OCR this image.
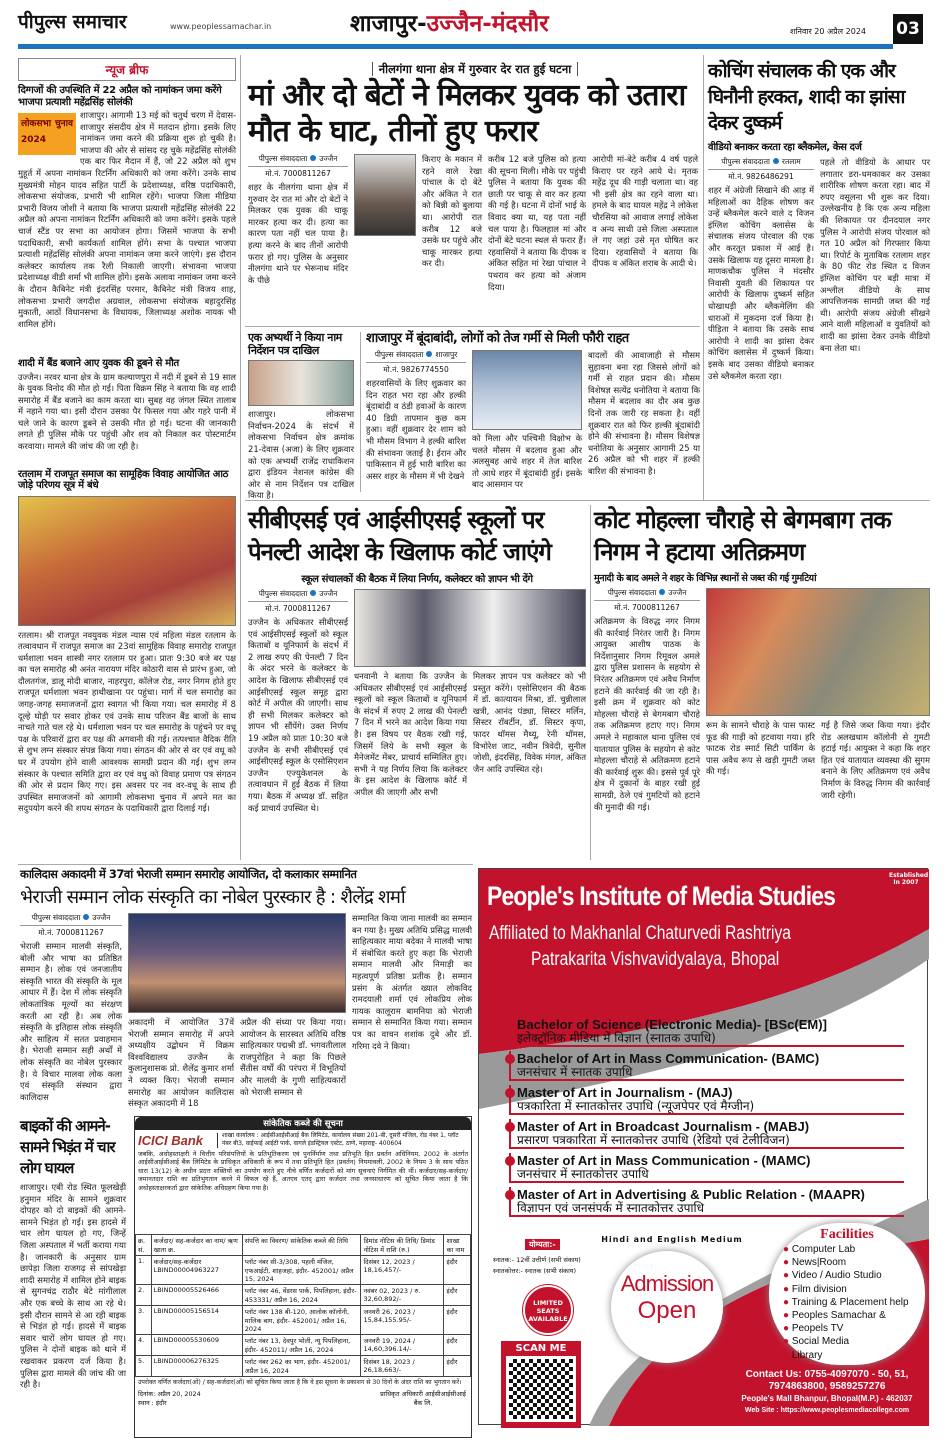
पीपुल्स समाचार	www.peoplessamachar.in	शाजापुर-उज्जैन-मंदसौर	शनिवार 20 अप्रैल 2024 03
न्यूज ब्रीफ
दिग्गजों की उपस्थिति में 22 अप्रैल को नामांकन जमा करेंगे भाजपा प्रत्याशी महेंद्रसिंह सोलंकी
लोकसभा चुनाव 2024
शाजापुर। आगामी 13 मई को चतुर्थ चरण में देवास-शाजापुर संसदीय क्षेत्र में मतदान होगा। इसके लिए नामांकन जमा करने की प्रक्रिया शुरू हो चुकी है। भाजपा की ओर से सांसद रह चुके महेंद्रसिंह सोलंकी एक बार फिर मैदान में हैं, जो 22 अप्रैल को शुभ मुहूर्त में अपना नामांकन रिटर्निंग अधिकारी को जमा करेंगे। उनके साथ मुख्यमंत्री मोहन यादव सहित पार्टी के प्रदेशाध्यक्ष, वरिष्ठ पदाधिकारी, लोकसभा संयोजक, प्रभारी भी शामिल रहेंगे। भाजपा जिला मीडिया प्रभारी विजय जोशी ने बताया कि भाजपा प्रत्याशी महेंद्रसिंह सोलंकी 22 अप्रैल को अपना नामांकन रिटर्निंग अधिकारी को जमा करेंगे। इसके पहले चार्ज स्टैंड पर सभा का आयोजन होगा। जिसमें भाजपा के सभी पदाधिकारी, सभी कार्यकर्ता शामिल होंगे। सभा के पश्चात भाजपा प्रत्याशी महेंद्रसिंह सोलंकी अपना नामांकन जमा करने जाएंगे। इस दौरान कलेक्टर कार्यालय तक रैली निकाली जाएगी। संभावना भाजपा प्रदेशाध्यक्ष वीडी शर्मा भी शामिल होंगे। इसके अलावा नामांकन जमा करने के दौरान कैबिनेट मंत्री इंदरसिंह परमार, कैबिनेट मंत्री विजय शाह, लोकसभा प्रभारी जगदीश अग्रवाल, लोकसभा संयोजक बहादुरसिंह मुकाती, आठों विधानसभा के विधायक, जिलाध्यक्ष अशोक नायक भी शामिल होंगे।
शादी में बैंड बजाने आए युवक की डूबने से मौत
उज्जैन। नरवर थाना क्षेत्र के ग्राम कल्याणपुरा में नदी में डूबने से 19 साल के युवक विनोद की मौत हो गई। पिता विक्रम सिंह ने बताया कि वह शादी समारोह में बैंड बजाने का काम करता था। सुबह वह जंगल स्थित तालाब में नहाने गया था। इसी दौरान उसका पैर फिसल गया और गहरे पानी में चले जाने के कारण डूबने से उसकी मौत हो गई। घटना की जानकारी लगते ही पुलिस मौके पर पहुंची और शव को निकाल कर पोस्टमार्टम करवाया। मामले की जांच की जा रही है।
रतलाम में राजपूत समाज का सामूहिक विवाह आयोजित आठ जोड़े परिणय सूत्र में बंधे
रतलाम। श्री राजपूत नवयुवक मंडल न्यास एवं महिला मंडल रतलाम के तत्वावधान में राजपूत समाज का 23वां सामूहिक विवाह समारोह राजपूत धर्मशाला भवन शास्त्री नगर रतलाम पर हुआ। प्रातः 9:30 बजे बर पक्ष का चल समारोह श्री अनंत नारायण मंदिर कोठारी वास से प्रारंभ हुआ, जो दौलतगंज, डालू मोदी बाजार, नाहरपुरा, कॉलेज रोड, नगर निगम होते हुए राजपूत धर्मशाला भवन हाथीखाना पर पहुंचा। मार्ग में चल समारोह का जगह-जगह समाजजनों द्वारा स्वागत भी किया गया। चल समारोह में 8 दूल्हे घोड़ी पर सवार होकर एवं उनके साथ परिजन बैंड बाजों के साथ नाचते गाते चल रहे थे। धर्मशाला भवन पर चल समारोह के पहुंचने पर वधू पक्ष के परिवारों द्वारा वर पक्ष की अगवानी की गई। तत्पश्चात वैदिक रीति से शुभ लग्न संस्कार संपन्न किया गया। संगठन की ओर से वर एवं वधू को घर में उपयोग होने वाली आवश्यक सामग्री प्रदान की गई। शुभ लग्न संस्कार के पश्चात समिति द्वारा वर एवं वधु को विवाह प्रमाण पत्र संगठन की ओर से प्रदान किए गए। इस अवसर पर नव वर-वधू के साथ ही उपस्थित समाजजनों को आगामी लोकसभा चुनाव में अपने मत का सदुपयोग करने की शपथ संगठन के पदाधिकारी द्वारा दिलाई गई।
नीलगंगा थाना क्षेत्र में गुरुवार देर रात हुई घटना
मां और दो बेटों ने मिलकर युवक को उतारा मौत के घाट, तीनों हुए फरार
पीपुल्स संवाददाता उज्जैन
मो.नं. 7000811267
शहर के नीलगंगा थाना क्षेत्र में गुरुवार देर रात मां और दो बेटों ने मिलकर एक युवक की चाकू मारकर हत्या कर दी। हत्या का कारण पता नहीं चल पाया है। हत्या करने के बाद तीनों आरोपी फरार हो गए। पुलिस के अनुसार नीलगंगा थाने पर भेरूनाथ मंदिर के पीछे
किराए के मकान में रहने वाले रेखा पांचाल के दो बेटे और अंकित ने रात को बिन्नी को बुलाया था। आरोपी रात करीब 12 बजे उसके घर पहुंचे और चाकू मारकर हत्या कर दी।
करीब 12 बजे पुलिस को हत्या की सूचना मिली। मौके पर पहुंची पुलिस ने बताया कि युवक की छाती पर चाकू से वार कर हत्या की गई है। घटना में दोनों भाई के विवाद क्या था, यह पता नहीं चल पाया है। फिलहाल मां और दोनों बेटे घटना स्थल से फरार हैं। रहवासियों ने बताया कि दीपक व अंकित सहित मां रेखा पांचाल ने पथराव कर हत्या को अंजाम दिया।
आरोपी मां-बेटे करीब 4 वर्ष पहले किराए पर रहने आये थे। मृतक महेंद्र दूध की गाड़ी चलाता था। वह भी इसी क्षेत्र का रहने वाला था। हमले के बाद घायल महेंद्र ने लोकेश चौरसिया को आवाज लगाई लोकेश व अन्य साथी उसे जिला अस्पताल ले गए जहां उसे मृत घोषित कर दिया। रहवासियों ने बताया कि दीपक व अंकित शराब के आदी थे।
कोचिंग संचालक की एक और घिनौनी हरकत, शादी का झांसा देकर दुष्कर्म
वीडियो बनाकर करता रहा ब्लैकमेल, केस दर्ज
पीपुल्स संवाददाता रतलाम
मो.नं. 9826486291
शहर में अंग्रेजी सिखाने की आड़ में महिलाओं का दैहिक शोषण कर उन्हें ब्लैकमेल करने वाले द विजन इंग्लिश कोचिंग क्लासेस के संचालक संजय पोरवाल की एक और करतूत प्रकाश में आई है। उसके खिलाफ यह दूसरा मामला है। माणकचौक पुलिस ने मंदसौर निवासी युवती की शिकायत पर आरोपी के खिलाफ दुष्कर्म सहित धोखाधड़ी और ब्लैकमेलिंग की धाराओं में मुकदमा दर्ज किया है। पीड़िता ने बताया कि उसके साथ आरोपी ने शादी का झांसा देकर कोचिंग क्लासेस में दुष्कर्म किया। इसके बाद उसका वीडियो बनाकर उसे ब्लैकमेल करता रहा।
पहले तो वीडियो के आधार पर लगातार डरा-धमकाकर कर उसका शारीरिक शोषण करता रहा। बाद में रुपए वसूलना भी शुरू कर दिया। उल्लेखनीय है कि एक अन्य महिला की शिकायत पर दीनदयाल नगर पुलिस ने आरोपी संजय पोरवाल को गत 10 अप्रैल को गिरफ्तार किया था। रिपोर्ट के मुताबिक रतलाम शहर के 80 फीट रोड स्थित द विजन इंग्लिश कोचिंग पर बड़ी मात्रा में अश्लील वीडियो के साथ आपत्तिजनक सामग्री जब्त की गई थी। आरोपी संजय अंग्रेजी सीखने आने वाली महिलाओं व युवतियों को शादी का झांसा देकर उनके वीडियो बना लेता था।
एक अभ्यर्थी ने किया नाम निर्देशन पत्र दाखिल
शाजापुर। लोकसभा निर्वाचन-2024 के संदर्भ में लोकसभा निर्वाचन क्षेत्र क्रमांक 21-देवास (अजा) के लिए शुक्रवार को एक अभ्यर्थी राजेंद्र राधाकिशन द्वारा इंडियन नेशनल कांग्रेस की ओर से नाम निर्देशन पत्र दाखिल किया है।
शाजापुर में बूंदाबांदी, लोगों को तेज गर्मी से मिली फौरी राहत
पीपुल्स संवाददाता शाजापुर
मो.नं. 9826774550
शहरवासियों के लिए शुक्रवार का दिन राहत भरा रहा और हल्की बूंदाबांदी व ठंडी हवाओं के कारण 40 डिग्री तापमान कुछ कम हुआ। वहीं शुक्रवार देर शाम को भी मौसम विभाग ने हल्की बारिश की संभावना जताई है। ईरान और पाकिस्तान में हुई भारी बारिश का असर शहर के मौसम में भी देखने
को मिला और पश्चिमी विक्षोभ के चलते मौसम में बदलाव हुआ और अलसुबह आधे शहर में तेज बारिश तो आधे शहर में बूंदाबांदी हुई। इसके बाद आसमान पर
बादलों की आवाजाही से मौसम सुहावना बना रहा जिससे लोगों को गर्मी से राहत प्रदान की। मौसम विशेषज्ञ सत्येंद्र धनोतिया ने बताया कि मौसम में बदलाव का दौर अब कुछ दिनों तक जारी रह सकता है। वहीं शुक्रवार रात को फिर हल्की बूंदाबांदी होने की संभावना है। मौसम विशेषज्ञ धनोतिया के अनुसार आगामी 25 या 26 अप्रैल को भी शहर में हल्की बारिश की संभावना है।
सीबीएसई एवं आईसीएसई स्कूलों पर पेनल्टी आदेश के खिलाफ कोर्ट जाएंगे
स्कूल संचालकों की बैठक में लिया निर्णय, कलेक्टर को ज्ञापन भी देंगे
पीपुल्स संवाददाता उज्जैन
मो.नं. 7000811267
उज्जैन के अधिकतर सीबीएसई एवं आईसीएसई स्कूलों को स्कूल किताबों व यूनिफार्म के संदर्भ में 2 लाख रुपए की पेनल्टी 7 दिन के अंदर भरने के कलेक्टर के आदेश के खिलाफ सीबीएसई एवं आईसीएसई स्कूल समूह द्वारा कोर्ट में अपील की जाएगी। साथ ही सभी मिलकर कलेक्टर को ज्ञापन भी सौंपेंगे। उक्त निर्णय 19 अप्रैल को प्रातः 10:30 बजे उज्जैन के सभी सीबीएसई एवं आईसीएसई स्कूल के एसोसिएशन उज्जैन एज्युकेशनल के तत्वावधान में हुई बैठक में लिया गया। बैठक में अध्यक्ष डॉ. सहित कई प्राचार्य उपस्थित थे।
धनवानी ने बताया कि उज्जैन के अधिकतर सीबीएसई एवं आईसीएसई स्कूलों को स्कूल किताबों व यूनिफार्म के संदर्भ में रुपए 2 लाख की पेनल्टी 7 दिन में भरने का आदेश किया गया है। इस विषय पर बैठक रखी गई, जिसमें लिये के सभी स्कूल के मैनेजमेंट मेंबर, प्राचार्य सम्मिलित हुए। सभी ने यह निर्णय लिया कि कलेक्टर के इस आदेश के खिलाफ कोर्ट में अपील की जाएगी और सभी
मिलकर ज्ञापन पत्र कलेक्टर को भी प्रस्तुत करेंगे। एसोसिएशन की बैठक में डॉ. कात्यायन मिश्रा, डॉ. चुन्नीलाल खत्री, आनंद पंड्या, सिस्टर मर्लिन, सिस्टर रॉबर्टीन, डॉ. सिस्टर कृपा, फादर थॉमस मैथ्यू, रेनी थॉमस, विभोरेश जाट, नवीन त्रिवेदी, सुनील जोशी, इंदरसिंह, विवेक मंगल, अंकित जैन आदि उपस्थित रहे।
कोट मोहल्ला चौराहे से बेगमबाग तक निगम ने हटाया अतिक्रमण
मुनादी के बाद अमले ने शहर के विभिन्न स्थानों से जब्त की गई गुमटियां
पीपुल्स संवाददाता उज्जैन
मो.नं. 7000811267
अतिक्रमण के विरुद्ध नगर निगम की कार्रवाई निरंतर जारी है। निगम आयुक्त आशीष पाठक के निर्देशानुसार निगम रिमूवल अमले द्वारा पुलिस प्रशासन के सहयोग से निरंतर अतिक्रमण एवं अवैध निर्माण हटाने की कार्रवाई की जा रही है। इसी क्रम में शुक्रवार को कोट मोहल्ला चौराहे से बेगमबाग चौराहे तक अतिक्रमण हटाए गए। निगम अमले ने महाकाल थाना पुलिस एवं यातायात पुलिस के सहयोग से कोट मोहल्ला चौराहे से अतिक्रमण हटाने की कार्रवाई शुरू की। इससे पूर्व पूरे क्षेत्र में दुकानों के बाहर रखी हुई सामग्री, ठेले एवं गुमटियों को हटाने की मुनादी की गई।
रूम के सामने चौराहे के पास फास्ट फूड की गाड़ी को हटवाया गया। हरि फाटक रोड स्मार्ट सिटी पार्किंग के पास अवैध रूप से खड़ी गुमटी जब्त की गई।
गई है जिसे जब्त किया गया। इंदौर रोड अलखधाम कॉलोनी से गुमटी हटाई गई। आयुक्त ने कहा कि शहर हित एवं यातायात व्यवस्था की सुगम बनाने के लिए अतिक्रमण एवं अवैध निर्माण के विरुद्ध निगम की कार्रवाई जारी रहेगी।
कालिदास अकादमी में 37वां भेराजी सम्मान समारोह आयोजित, दो कलाकार सम्मानित
भेराजी सम्मान लोक संस्कृति का नोबेल पुरस्कार है : शैलेंद्र शर्मा
पीपुल्स संवाददाता उज्जैन
मो.नं. 7000811267
भेराजी सम्मान मालवी संस्कृति, बोली और भाषा का प्रतिष्ठित सम्मान है। लोक एवं जनजातीय संस्कृति भारत की संस्कृति के मूल आधार में हैं। देश में लोक संस्कृति लोकतांत्रिक मूल्यों का संरक्षण करती आ रही है। अब लोक संस्कृति के इतिहास लोक संस्कृति और साहित्य में सतत प्रवाहमान है। भेराजी सम्मान सही अर्थों में लोक संस्कृति का नोबेल पुरस्कार है। ये विचार मालवा लोक कला एवं संस्कृति संस्थान द्वारा कालिदास
अकादमी में आयोजित 37वें भेराजी सम्मान समारोह में अपने अध्यक्षीय उद्बोधन में विक्रम विश्वविद्यालय उज्जैन के कुलानुशासक प्रो. शैलेंद्र कुमार शर्मा ने व्यक्त किए। भेराजी सम्मान समारोह का आयोजन कालिदास संस्कृत अकादमी में 18
अप्रैल की संध्या पर किया गया। आयोजन के सारस्वत अतिथि वरिष्ठ साहित्यकार पद्मश्री डॉ. भगवतीलाल राजपुरोहित ने कहा कि पिछले सैंतीस वर्षों की परंपरा में विभूतियों और मालवी के गुणी साहित्यकारों को भेराजी सम्मान से
सम्मानित किया जाना मालवी का सम्मान बन गया है। मुख्य अतिथि प्रसिद्ध मालवी साहित्यकार माया बदेका ने मालवी भाषा में संबोधित करते हुए कहा कि भेराजी सम्मान मालवी और निमाड़ी का महत्वपूर्ण प्रतिष्ठा प्रतीक है। सम्मान प्रसंग के अंतर्गत ख्यात लोकविद रामदयाली शर्मा एवं लोकप्रिय लोक गायक कालूराम बामनिया को भेराजी सम्मान से सम्मानित किया गया। सम्मान पत्र का वाचन शशांक दुबे और डॉ. गरिमा दवे ने किया।
बाइकों की आमने-सामने भिड़ंत में चार लोग घायल
शाजापुर। एबी रोड स्थित फूलखेड़ी हनुमान मंदिर के सामने शुक्रवार दोपहर को दो बाइकों की आमने-सामने भिड़ंत हो गई। इस हादसे में चार लोग घायल हो गए, जिन्हें जिला अस्पताल में भर्ती कराया गया है। जानकारी के अनुसार ग्राम छापेड़ा जिला राजगढ़ से सांपखेड़ा शादी समारोह में शामिल होने बाइक से सुगनचंद्र राठौर बेटे मांगीलाल और एक बच्चे के साथ आ रहे थे। इसी दौरान सामने से आ रही बाइक से भिड़ंत हो गई। हादसे में बाइक सवार चारों लोग घायल हो गए। पुलिस ने दोनों बाइक को थाने में रखवाकर प्रकरण दर्ज किया है। पुलिस द्वारा मामले की जांच की जा रही है।
सांकेतिक कब्जे की सूचना
ICICI Bank	शाखा कार्यालय : आईसीआईसीआई बैंक लिमिटेड, कार्यालय संख्या 201-बी, दूसरी मंजिल, रोड नंबर 1, प्लॉट नंबर बी3, वाईफाई आईटी पार्क, वागले इंडस्ट्रियल एस्टेट, ठाणे, महाराष्ट्र- 400604
जबकि, अधोहस्ताक्षरी ने वित्तीय परिसंपत्तियों के प्रतिभूतिकरण एवं पुनर्निर्माण तथा प्रतिभूति हित प्रवर्तन अधिनियम, 2002 के अंतर्गत आईसीआईसीआई बैंक लिमिटेड के प्राधिकृत अधिकारी के रूप में तथा प्रतिभूति हित (प्रवर्तन) नियमावली, 2002 के नियम 3 के साथ पठित धारा 13(12) के अधीन प्रदत्त शक्तियों का उपयोग करते हुए नीचे वर्णित कर्जदारों को मांग सूचनाएं निर्गमित की थीं। कर्जदार/सह-कर्जदार/जमानतदार राशि का प्रतिभुगतान करने में विफल रहे हैं, अतएव एतद् द्वारा कर्जदार तथा जनसाधारण को सूचित किया जाता है कि अधोहस्ताक्षरकर्ता द्वारा सांकेतिक अधिग्रहण किया गया है।
क्र. सं.	कर्जदार/ सह-कर्जदार का नाम/ ऋण खाता क्र.	संपत्ति का विवरण/ सांकेतिक कब्जे की तिथि	डिमांड नोटिस की तिथि/ डिमांड नोटिस में राशि (रु.)	शाखा का नाम
1.	कर्जदार/सह-कर्जदार LBIND00004963227	प्लॉट नंबर सी-3/308, पहली मंजिल, एफआईटी, शाहजहां, इंदौर- 452001/ अप्रैल 15, 2024	दिसंबर 12, 2023 / 18,16,457/-	इंदौर
2.	LBIND00005526466	प्लॉट नंबर 46, वेंडरस पार्क, पिपलिहाना, इंदौर- 453331/ अप्रैल 16, 2024	नवंबर 02, 2023 / रु. 32,60,892/-	इंदौर
3.	LBIND00005156514	प्लॉट नंबर 138 बी-120, आलोक कॉलोनी, मालिक बाग, इंदौर- 452001/ अप्रैल 16, 2024	जनवरी 26, 2023 / 15,84,155.95/-	इंदौर
4.	LBIND00005530609	प्लॉट नंबर 13, देवपुर भोली, न्यू पिपलिहाना, इंदौर- 452011/ अप्रैल 16, 2024	जनवरी 19, 2024 / 14,60,396.14/-	इंदौर
5.	LBIND00006276325	प्लॉट नंबर 262 का भाग, इंदौर- 452001/ अप्रैल 16, 2024	दिसंबर 18, 2023 / 26,18,663/-	इंदौर
उपरोक्त वर्णित कर्जदार(ओं) / सह-कर्जदार(ओं) को सूचित किया जाता है कि वे इस सूचना के प्रकाशन से 30 दिनों के अंदर राशि का भुगतान करें।
दिनांक: अप्रैल 20, 2024
स्थान : इंदौर
प्राधिकृत अधिकारी आईसीआईसीआई बैंक लि.
Established In 2007
People's Institute of Media Studies
Affiliated to Makhanlal Chaturvedi Rashtriya
Patrakarita Vishvavidyalaya, Bhopal
Courses Offered
Bachelor of Science (Electronic Media)- [BSc(EM)]
इलेक्ट्रॉनिक मीडिया में विज्ञान (स्नातक उपाधि)
Bachelor of Art in Mass Communication- (BAMC)
जनसंचार में स्नातक उपाधि
Master of Art in Journalism - (MAJ)
पत्रकारिता में स्नातकोत्तर उपाधि (न्यूजपेपर एवं मैग्जीन)
Master of Art in Broadcast Journalism - (MABJ)
प्रसारण पत्रकारिता में स्नातकोत्तर उपाधि (रेडियो एवं टेलीविजन)
Master of Art in Mass Communication - (MAMC)
जनसंचार में स्नातकोत्तर उपाधि
Master of Art in Advertising & Public Relation - (MAAPR)
विज्ञापन एवं जनसंपर्क में स्नातकोत्तर उपाधि
योग्यता:-
स्नातक:- 12वीं उत्तीर्ण (सभी संकाय)
स्नातकोत्तर:- स्नातक (सभी संकाय)
LIMITED SEATS AVAILABLE
SCAN ME
Hindi and English Medium
Admission
Open
Facilities
● Computer Lab
● News|Room
● Video / Audio Studio
● Film division
● Training & Placement help
● Peoples Samachar &
● Peopels TV
● Social Media
● Library
Contact Us: 0755-4097070 - 50, 51,
7974863800, 9589257276
People's Mall Bhanpur, Bhopal(M.P.) - 462037
Web Site : https://www.peoplesmediacollege.com
